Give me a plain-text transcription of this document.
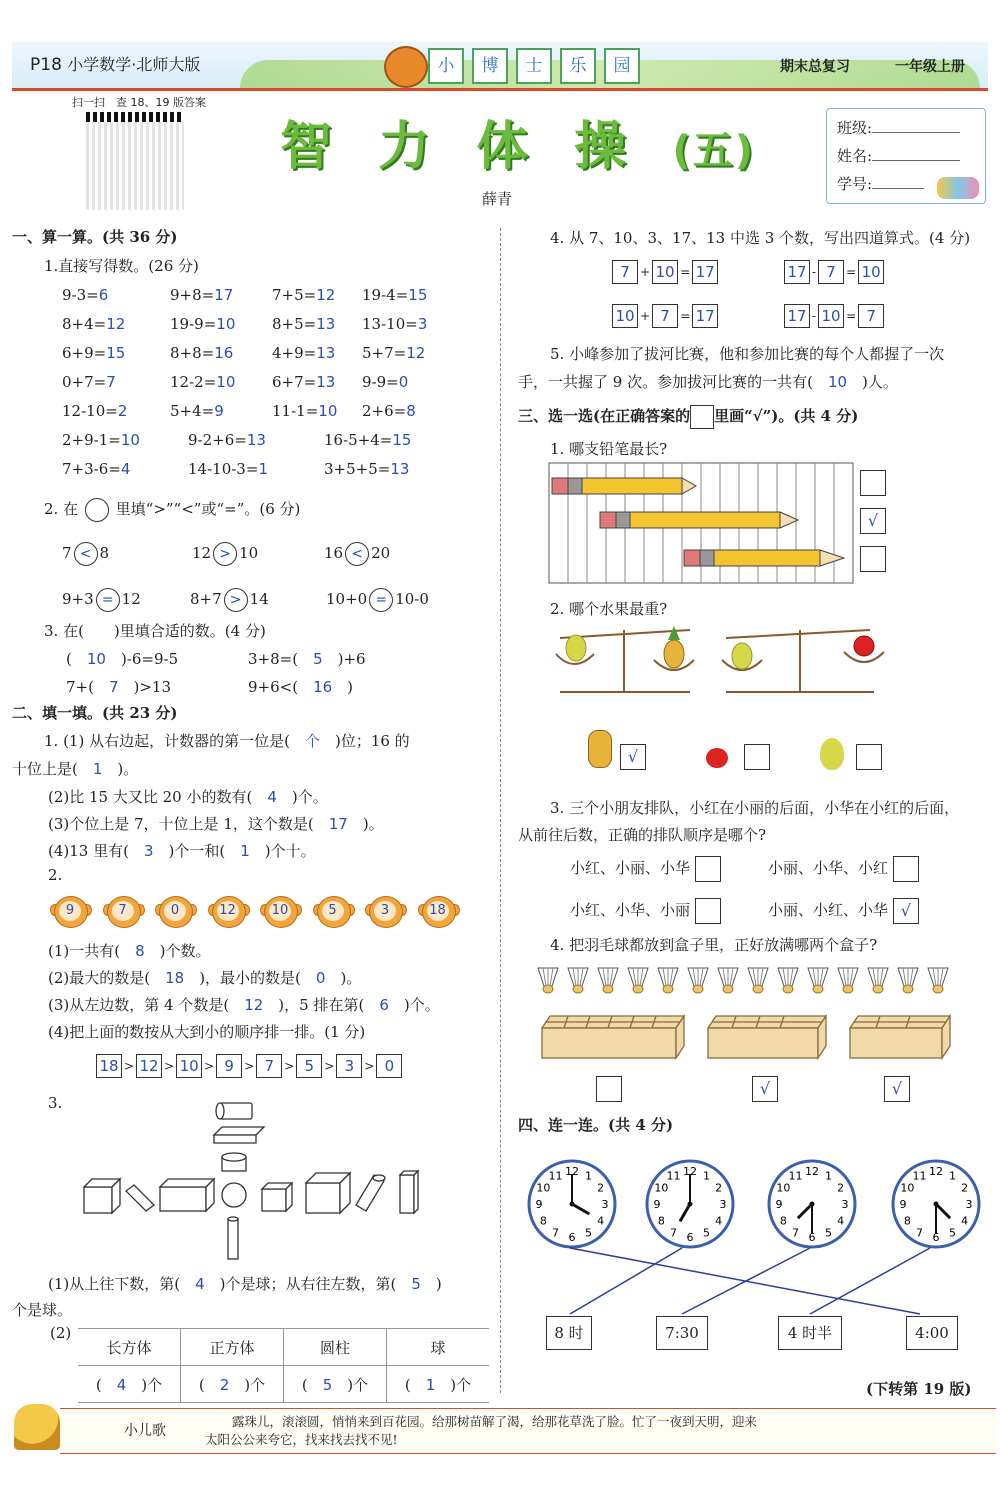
P18 小学数学·北师大版	小	博	士	乐	园	期末总复习	一年级上册
扫一扫　查 18、19 版答案
智 力 体 操 (五)
薛青
班级:
姓名:
学号:
一、算一算。(共 36 分)
1.直接写得数。(26 分)
9-3=6	9+8=17	7+5=12 19-4=15
8+4=12	19-9=10 8+5=13 13-10=3
6+9=15	8+8=16	4+9=13 5+7=12
0+7=7	12-2=10 6+7=13 9-9=0
12-10=2	5+4=9	11-1=10 2+6=8
2+9-1=10	9-2+6=13	16-5+4=15
7+3-6=4	14-10-3=1	3+5+5=13
2. 在	里填“>”“<”或“=”。(6 分)
7 < 8	12 > 10	16 < 20
9+3 = 12	8+7 > 14	10+0 = 10-0
3. 在(　　)里填合适的数。(4 分)
(　10　)-6=9-5	3+8=(　5　)+6
7+(　7　)>13	9+6<(　16　)
二、填一填。(共 23 分)
1. (1) 从右边起，计数器的第一位是(　个　)位；16 的
十位上是(　1　)。
(2)比 15 大又比 20 小的数有(　4　)个。
(3)个位上是 7，十位上是 1，这个数是(　17　)。
(4)13 里有(　3　)个一和(　1　)个十。
2.
9	7	0	12	10	5	3	18
(1)一共有(　8　)个数。
(2)最大的数是(　18　)，最小的数是(　0　)。
(3)从左边数，第 4 个数是(　12　)，5 排在第(　6　)个。
(4)把上面的数按从大到小的顺序排一排。(1 分)
18 > 12 > 10 > 9 > 7 > 5 > 3 > 0
3.
(1)从上往下数，第(　4　)个是球；从右往左数，第(　5　)
个是球。
(2)
长方体	正方体	圆柱	球
(　 4　 )个	(　 2　 )个	(　 5　 )个	(　 1　 )个
4. 从 7、10、3、17、13 中选 3 个数，写出四道算式。(4 分)
7 + 10 = 17	17 - 7 = 10
10 + 7 = 17	17 - 10 = 7
5. 小峰参加了拔河比赛，他和参加比赛的每个人都握了一次
手，一共握了 9 次。参加拔河比赛的一共有(　10　)人。
三、选一选(在正确答案的 里画“√”)。(共 4 分)
1. 哪支铅笔最长?
√
2. 哪个水果最重?
√
3. 三个小朋友排队，小红在小丽的后面，小华在小红的后面，
从前往后数，正确的排队顺序是哪个?
小红、小丽、小华	小丽、小华、小红
小红、小华、小丽	小丽、小红、小华 √
4. 把羽毛球都放到盒子里，正好放满哪两个盒子?
√	√
四、连一连。(共 4 分)
12 1
2
3
4
5
6
7
8
9
10
11	12 1
2
3
4
5
6
7
8
9
10
11	12 1
2
3
4
5
6
7
8
9
10
11	12 1
2
3
4
5
6
7
8
9
10
11
8 时	7:30	4 时半	4:00
(下转第 19 版)
小儿歌
露珠儿，滚滚圆，悄悄来到百花园。给那树苗解了渴，给那花草洗了脸。忙了一夜到天明，迎来
太阳公公来夸它，找来找去找不见!
